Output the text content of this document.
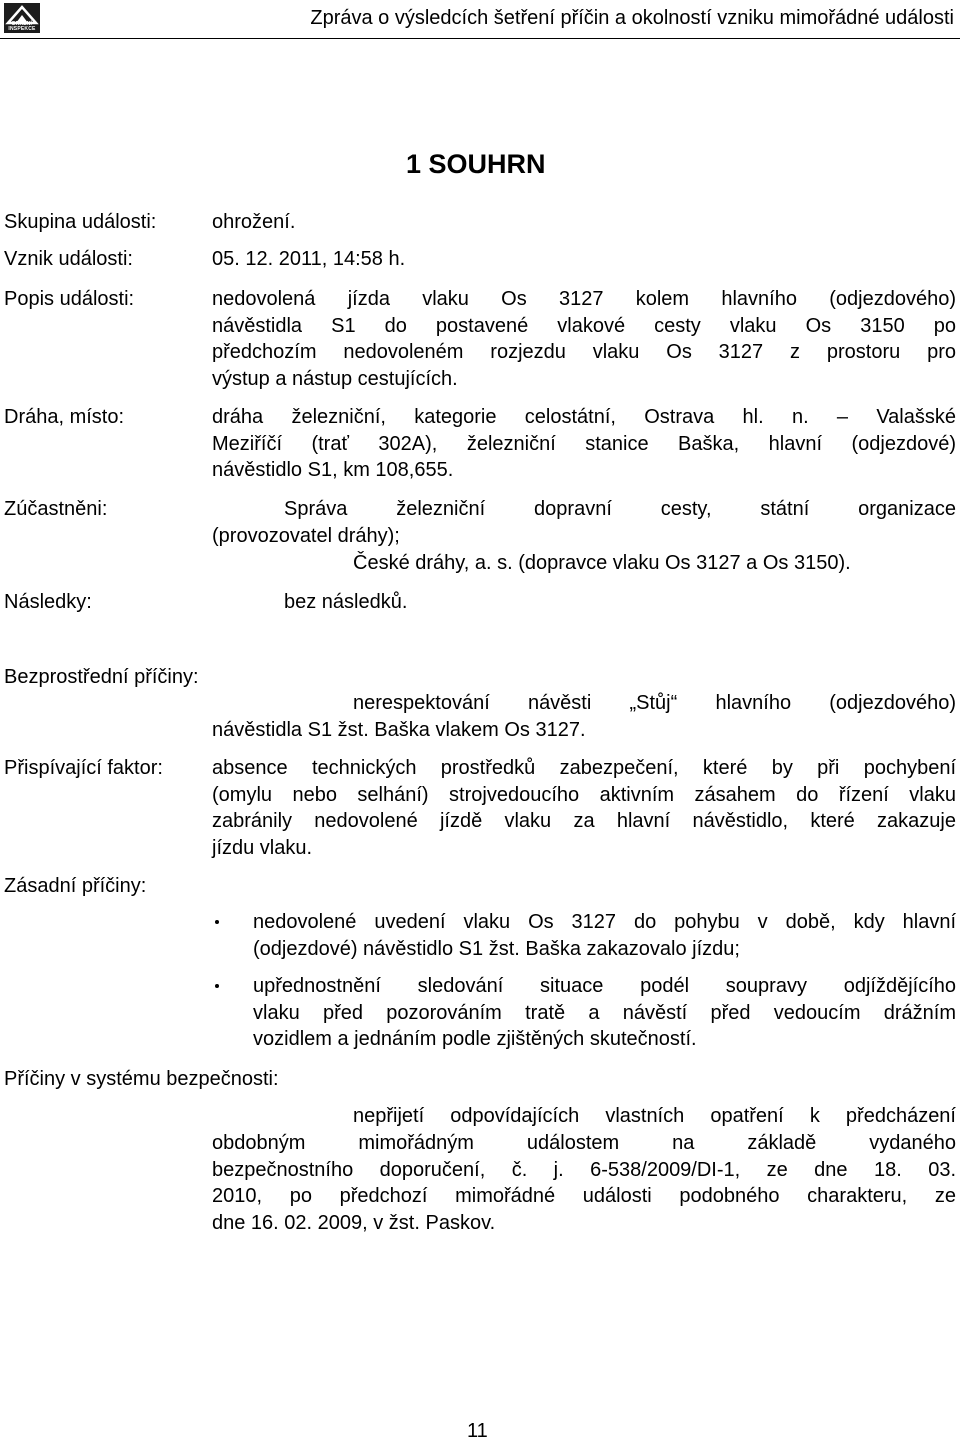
DRÁŽNÍ INSPEKCE	Zpráva o výsledcích šetření příčin a okolností vzniku mimořádné události
1 SOUHRN
Skupina události:	ohrožení.
Vznik události:	05. 12. 2011, 14:58 h.
Popis události:	nedovolená jízda vlaku Os 3127 kolem hlavního (odjezdového)
návěstidla S1 do postavené vlakové cesty vlaku Os 3150 po
předchozím nedovoleném rozjezdu vlaku Os 3127 z prostoru pro
výstup a nástup cestujících.
Dráha, místo:	dráha železniční, kategorie celostátní, Ostrava hl. n. – Valašské
Meziříčí (trať 302A), železniční stanice Baška, hlavní (odjezdové)
návěstidlo S1, km 108,655.
Zúčastněni:	Správa železniční dopravní cesty, státní organizace
(provozovatel dráhy);
České dráhy, a. s. (dopravce vlaku Os 3127 a Os 3150).
Následky:	bez následků.
Bezprostřední příčiny:
nerespektování návěsti „Stůj“ hlavního (odjezdového)
návěstidla S1 žst. Baška vlakem Os 3127.
Přispívající faktor: absence technických prostředků zabezpečení, které by při pochybení
(omylu nebo selhání) strojvedoucího aktivním zásahem do řízení vlaku
zabránily nedovolené jízdě vlaku za hlavní návěstidlo, které zakazuje
jízdu vlaku.
Zásadní příčiny:
nedovolené uvedení vlaku Os 3127 do pohybu v době, kdy hlavní
(odjezdové) návěstidlo S1 žst. Baška zakazovalo jízdu;
upřednostnění sledování situace podél soupravy odjíždějícího
vlaku před pozorováním tratě a návěstí před vedoucím drážním
vozidlem a jednáním podle zjištěných skutečností.
Příčiny v systému bezpečnosti:
nepřijetí odpovídajících vlastních opatření k předcházení
obdobným mimořádným událostem na základě vydaného
bezpečnostního doporučení, č. j. 6-538/2009/DI-1, ze dne 18. 03.
2010, po předchozí mimořádné události podobného charakteru, ze
dne 16. 02. 2009, v žst. Paskov.
11
